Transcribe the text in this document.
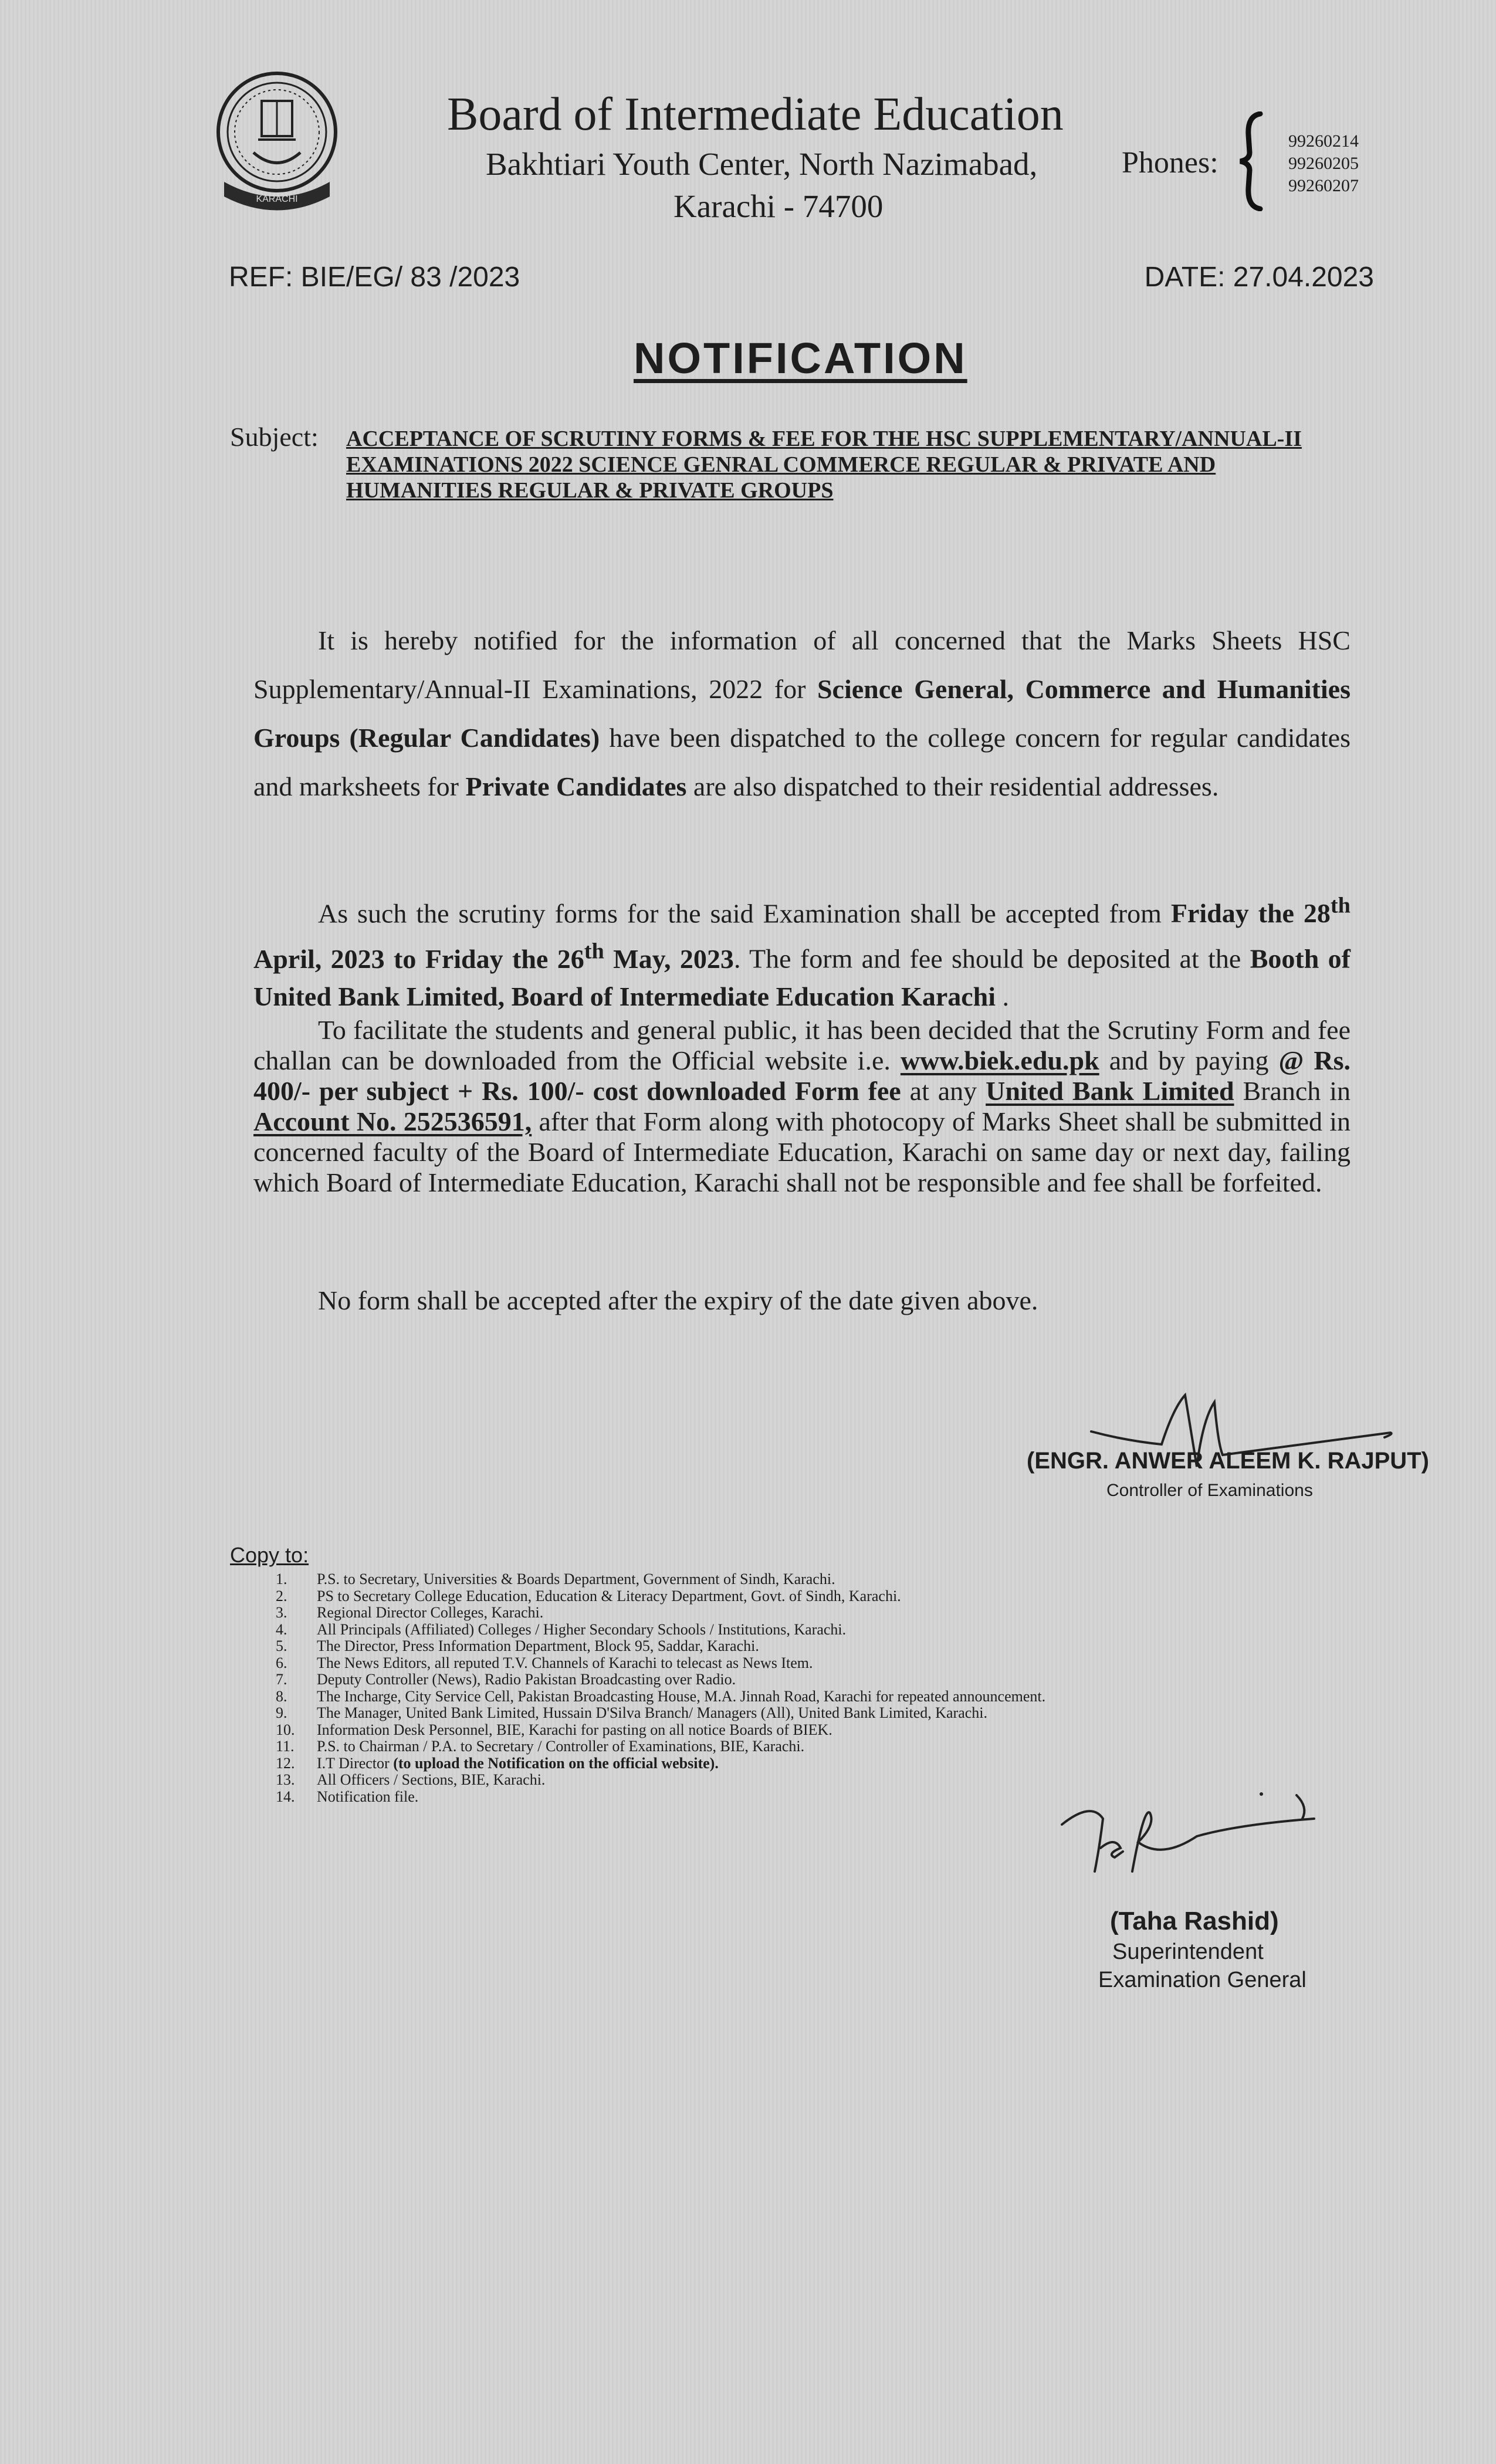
KARACHI
Board of Intermediate Education
Bakhtiari Youth Center, North Nazimabad,
Karachi - 74700
Phones:
99260214
99260205
99260207
REF: BIE/EG/ 83 /2023	DATE: 27.04.2023
NOTIFICATION
Subject: ACCEPTANCE OF SCRUTINY FORMS & FEE FOR THE HSC SUPPLEMENTARY/ANNUAL-II EXAMINATIONS 2022 SCIENCE GENRAL COMMERCE REGULAR & PRIVATE AND HUMANITIES REGULAR & PRIVATE GROUPS
It is hereby notified for the information of all concerned that the Marks Sheets HSC Supplementary/Annual-II Examinations, 2022 for Science General, Commerce and Humanities Groups (Regular Candidates) have been dispatched to the college concern for regular candidates and marksheets for Private Candidates are also dispatched to their residential addresses.
As such the scrutiny forms for the said Examination shall be accepted from Friday the 28th April, 2023 to Friday the 26th May, 2023. The form and fee should be deposited at the Booth of United Bank Limited, Board of Intermediate Education Karachi .
To facilitate the students and general public, it has been decided that the Scrutiny Form and fee challan can be downloaded from the Official website i.e. www.biek.edu.pk and by paying @ Rs. 400/- per subject + Rs. 100/- cost downloaded Form fee at any United Bank Limited Branch in Account No. 252536591, after that Form along with photocopy of Marks Sheet shall be submitted in concerned faculty of the Board of Intermediate Education, Karachi on same day or next day, failing which Board of Intermediate Education, Karachi shall not be responsible and fee shall be forfeited.
No form shall be accepted after the expiry of the date given above.
(ENGR. ANWER ALEEM K. RAJPUT)
Controller of Examinations
Copy to:
1. P.S. to Secretary, Universities & Boards Department, Government of Sindh, Karachi.
2. PS to Secretary College Education, Education & Literacy Department, Govt. of Sindh, Karachi.
3. Regional Director Colleges, Karachi.
4. All Principals (Affiliated) Colleges / Higher Secondary Schools / Institutions, Karachi.
5. The Director, Press Information Department, Block 95, Saddar, Karachi.
6. The News Editors, all reputed T.V. Channels of Karachi to telecast as News Item.
7. Deputy Controller (News), Radio Pakistan Broadcasting over Radio.
8. The Incharge, City Service Cell, Pakistan Broadcasting House, M.A. Jinnah Road, Karachi for repeated announcement.
9. The Manager, United Bank Limited, Hussain D'Silva Branch/ Managers (All), United Bank Limited, Karachi.
10. Information Desk Personnel, BIE, Karachi for pasting on all notice Boards of BIEK.
11. P.S. to Chairman / P.A. to Secretary / Controller of Examinations, BIE, Karachi.
12. I.T Director (to upload the Notification on the official website).
13. All Officers / Sections, BIE, Karachi.
14. Notification file.
(Taha Rashid)
Superintendent
Examination General
